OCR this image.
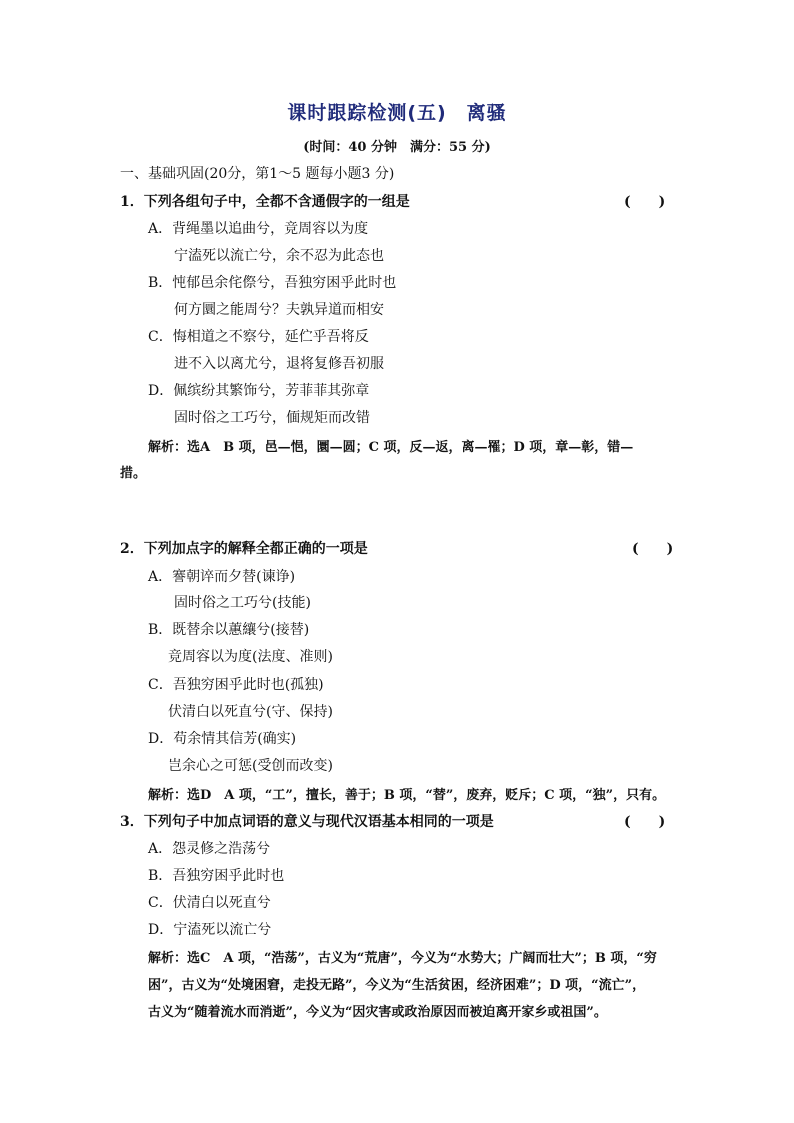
课时跟踪检测(五)　离骚
(时间：40 分钟　满分：55 分)
一、基础巩固(20分，第1～5 题每小题3 分)
1．下列各组句子中，全都不含通假字的一组是	(　　)
A．背绳墨以追曲兮，竞周容以为度
宁溘死以流亡兮，余不忍为此态也
B．忳郁邑余侘傺兮，吾独穷困乎此时也
何方圜之能周兮？夫孰异道而相安
C．悔相道之不察兮，延伫乎吾将反
进不入以离尤兮，退将复修吾初服
D．佩缤纷其繁饰兮，芳菲菲其弥章
固时俗之工巧兮，偭规矩而改错
解析：选A　B 项，邑—悒，圜—圆；C 项，反—返，离—罹；D 项，章—彰，错—
措。
2．下列加点字的解释全都正确的一项是	(　　)
A．謇朝谇而夕替(谏诤)
固时俗之工巧兮(技能)
B．既替余以蕙纕兮(接替)
竞周容以为度(法度、准则)
C．吾独穷困乎此时也(孤独)
伏清白以死直兮(守、保持)
D．苟余情其信芳(确实)
岂余心之可惩(受创而改变)
解析：选D　A 项，“工”，擅长，善于；B 项，“替”，废弃，贬斥；C 项，“独”，只有。
3．下列句子中加点词语的意义与现代汉语基本相同的一项是	(　　)
A．怨灵修之浩荡兮
B．吾独穷困乎此时也
C．伏清白以死直兮
D．宁溘死以流亡兮
解析：选C　A 项，“浩荡”，古义为“荒唐”，今义为“水势大；广阔而壮大”；B 项，“穷
困”，古义为“处境困窘，走投无路”，今义为“生活贫困，经济困难”；D 项，“流亡”，
古义为“随着流水而消逝”，今义为“因灾害或政治原因而被迫离开家乡或祖国”。
